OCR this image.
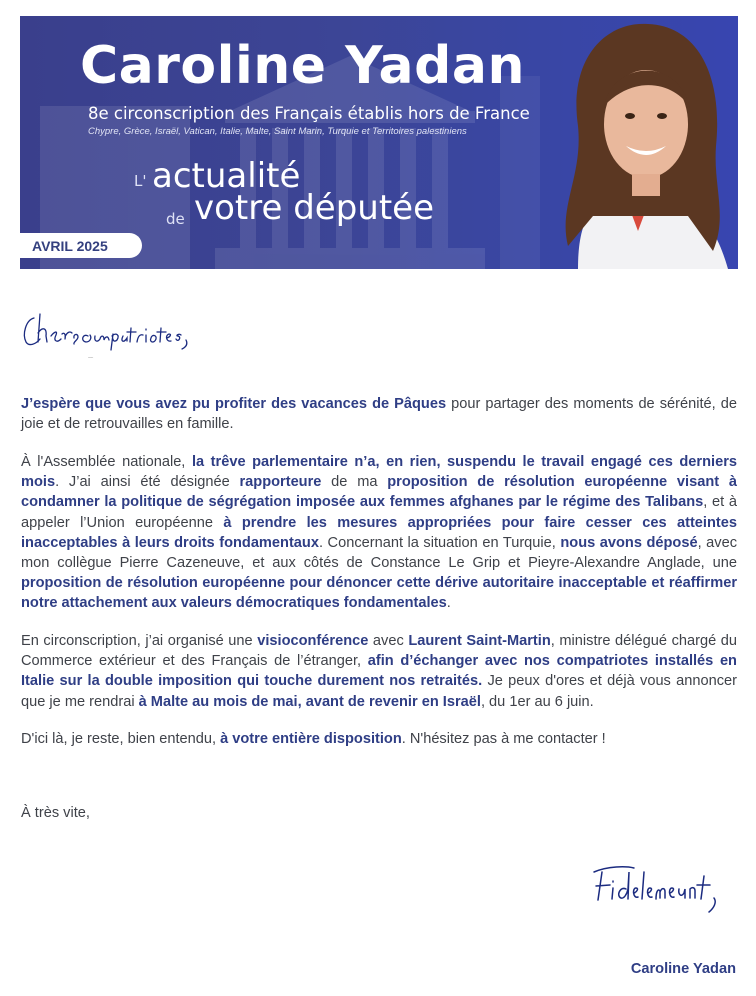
Caroline Yadan
8e circonscription des Français établis hors de France
Chypre, Grèce, Israël, Vatican, Italie, Malte, Saint Marin, Turquie et Territoires palestiniens
L' actualité
de votre députée
AVRIL 2025

J’espère que vous avez pu profiter des vacances de Pâques pour partager des moments de sérénité, de joie et de retrouvailles en famille.

À l'Assemblée nationale, la trêve parlementaire n’a, en rien, suspendu le travail engagé ces derniers mois. J’ai ainsi été désignée rapporteure de ma proposition de résolution européenne visant à condamner la politique de ségrégation imposée aux femmes afghanes par le régime des Talibans, et à appeler l’Union européenne à prendre les mesures appropriées pour faire cesser ces atteintes inacceptables à leurs droits fondamentaux. Concernant la situation en Turquie, nous avons déposé, avec mon collègue Pierre Cazeneuve, et aux côtés de Constance Le Grip et Pieyre-Alexandre Anglade, une proposition de résolution européenne pour dénoncer cette dérive autoritaire inacceptable et réaffirmer notre attachement aux valeurs démocratiques fondamentales.

En circonscription, j’ai organisé une visioconférence avec Laurent Saint-Martin, ministre délégué chargé du Commerce extérieur et des Français de l’étranger, afin d’échanger avec nos compatriotes installés en Italie sur la double imposition qui touche durement nos retraités. Je peux d'ores et déjà vous annoncer que je me rendrai à Malte au mois de mai, avant de revenir en Israël, du 1er au 6 juin.

D'ici là, je reste, bien entendu, à votre entière disposition. N'hésitez pas à me contacter !

À très vite,
Fidèlement,
Caroline Yadan
